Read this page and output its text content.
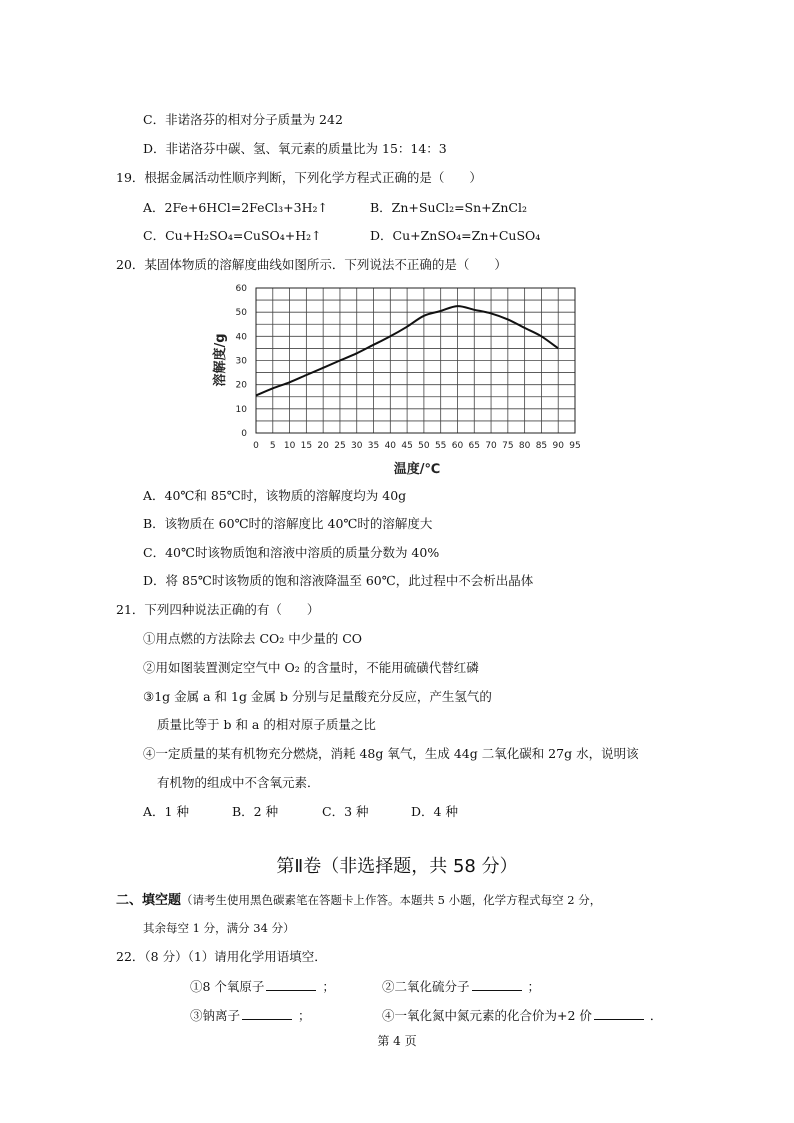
C．非诺洛芬的相对分子质量为 242
D．非诺洛芬中碳、氢、氧元素的质量比为 15：14：3
19．根据金属活动性顺序判断，下列化学方程式正确的是（　　）
A．2Fe+6HCl=2FeCl₃+3H₂↑	B．Zn+SuCl₂=Sn+ZnCl₂
C．Cu+H₂SO₄=CuSO₄+H₂↑	D．Cu+ZnSO₄=Zn+CuSO₄
20．某固体物质的溶解度曲线如图所示．下列说法不正确的是（　　）
0 5 10 15 20 25 30 35 40 45 50 55 60 65 70 75 80 85 90 95
0
10
20
30
40
50
60
溶解度/g
温度/℃
A．40℃和 85℃时，该物质的溶解度均为 40g
B．该物质在 60℃时的溶解度比 40℃时的溶解度大
C．40℃时该物质饱和溶液中溶质的质量分数为 40%
D．将 85℃时该物质的饱和溶液降温至 60℃，此过程中不会析出晶体
21．下列四种说法正确的有（　　）
①用点燃的方法除去 CO₂ 中少量的 CO
②用如图装置测定空气中 O₂ 的含量时，不能用硫磺代替红磷
③1g 金属 a 和 1g 金属 b 分别与足量酸充分反应，产生氢气的
质量比等于 b 和 a 的相对原子质量之比
④一定质量的某有机物充分燃烧，消耗 48g 氧气，生成 44g 二氧化碳和 27g 水，说明该
有机物的组成中不含氧元素．
A．1 种	B．2 种	C．3 种	D．4 种
第Ⅱ卷（非选择题，共 58 分）
二、填空题（请考生使用黑色碳素笔在答题卡上作答。本题共 5 小题，化学方程式每空 2 分，
其余每空 1 分，满分 34 分）
22．（8 分）（1）请用化学用语填空．
①8 个氧原子	；	②二氧化硫分子	；
③钠离子	；	④一氧化氮中氮元素的化合价为+2 价	．
第 4 页
